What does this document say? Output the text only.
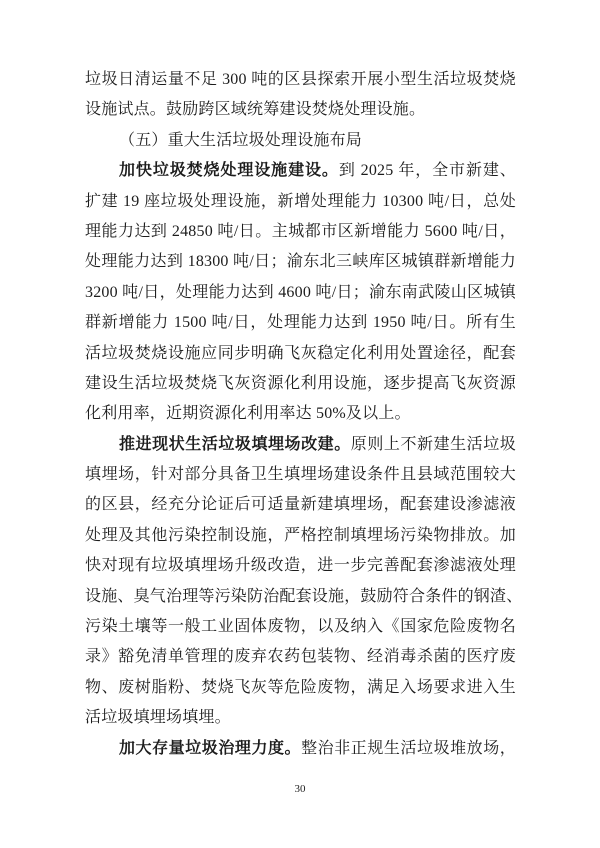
垃圾日清运量不足 300 吨的区县探索开展小型生活垃圾焚烧
设施试点。鼓励跨区域统筹建设焚烧处理设施。
（五）重大生活垃圾处理设施布局
加快垃圾焚烧处理设施建设。到 2025 年，全市新建、
扩建 19 座垃圾处理设施，新增处理能力 10300 吨/日，总处
理能力达到 24850 吨/日。主城都市区新增能力 5600 吨/日，
处理能力达到 18300 吨/日；渝东北三峡库区城镇群新增能力
3200 吨/日，处理能力达到 4600 吨/日；渝东南武陵山区城镇
群新增能力 1500 吨/日，处理能力达到 1950 吨/日。所有生
活垃圾焚烧设施应同步明确飞灰稳定化利用处置途径，配套
建设生活垃圾焚烧飞灰资源化利用设施，逐步提高飞灰资源
化利用率，近期资源化利用率达 50%及以上。
推进现状生活垃圾填埋场改建。原则上不新建生活垃圾
填埋场，针对部分具备卫生填埋场建设条件且县域范围较大
的区县，经充分论证后可适量新建填埋场，配套建设渗滤液
处理及其他污染控制设施，严格控制填埋场污染物排放。加
快对现有垃圾填埋场升级改造，进一步完善配套渗滤液处理
设施、臭气治理等污染防治配套设施，鼓励符合条件的钢渣、
污染土壤等一般工业固体废物，以及纳入《国家危险废物名
录》豁免清单管理的废弃农药包装物、经消毒杀菌的医疗废
物、废树脂粉、焚烧飞灰等危险废物，满足入场要求进入生
活垃圾填埋场填埋。
加大存量垃圾治理力度。整治非正规生活垃圾堆放场，
30
